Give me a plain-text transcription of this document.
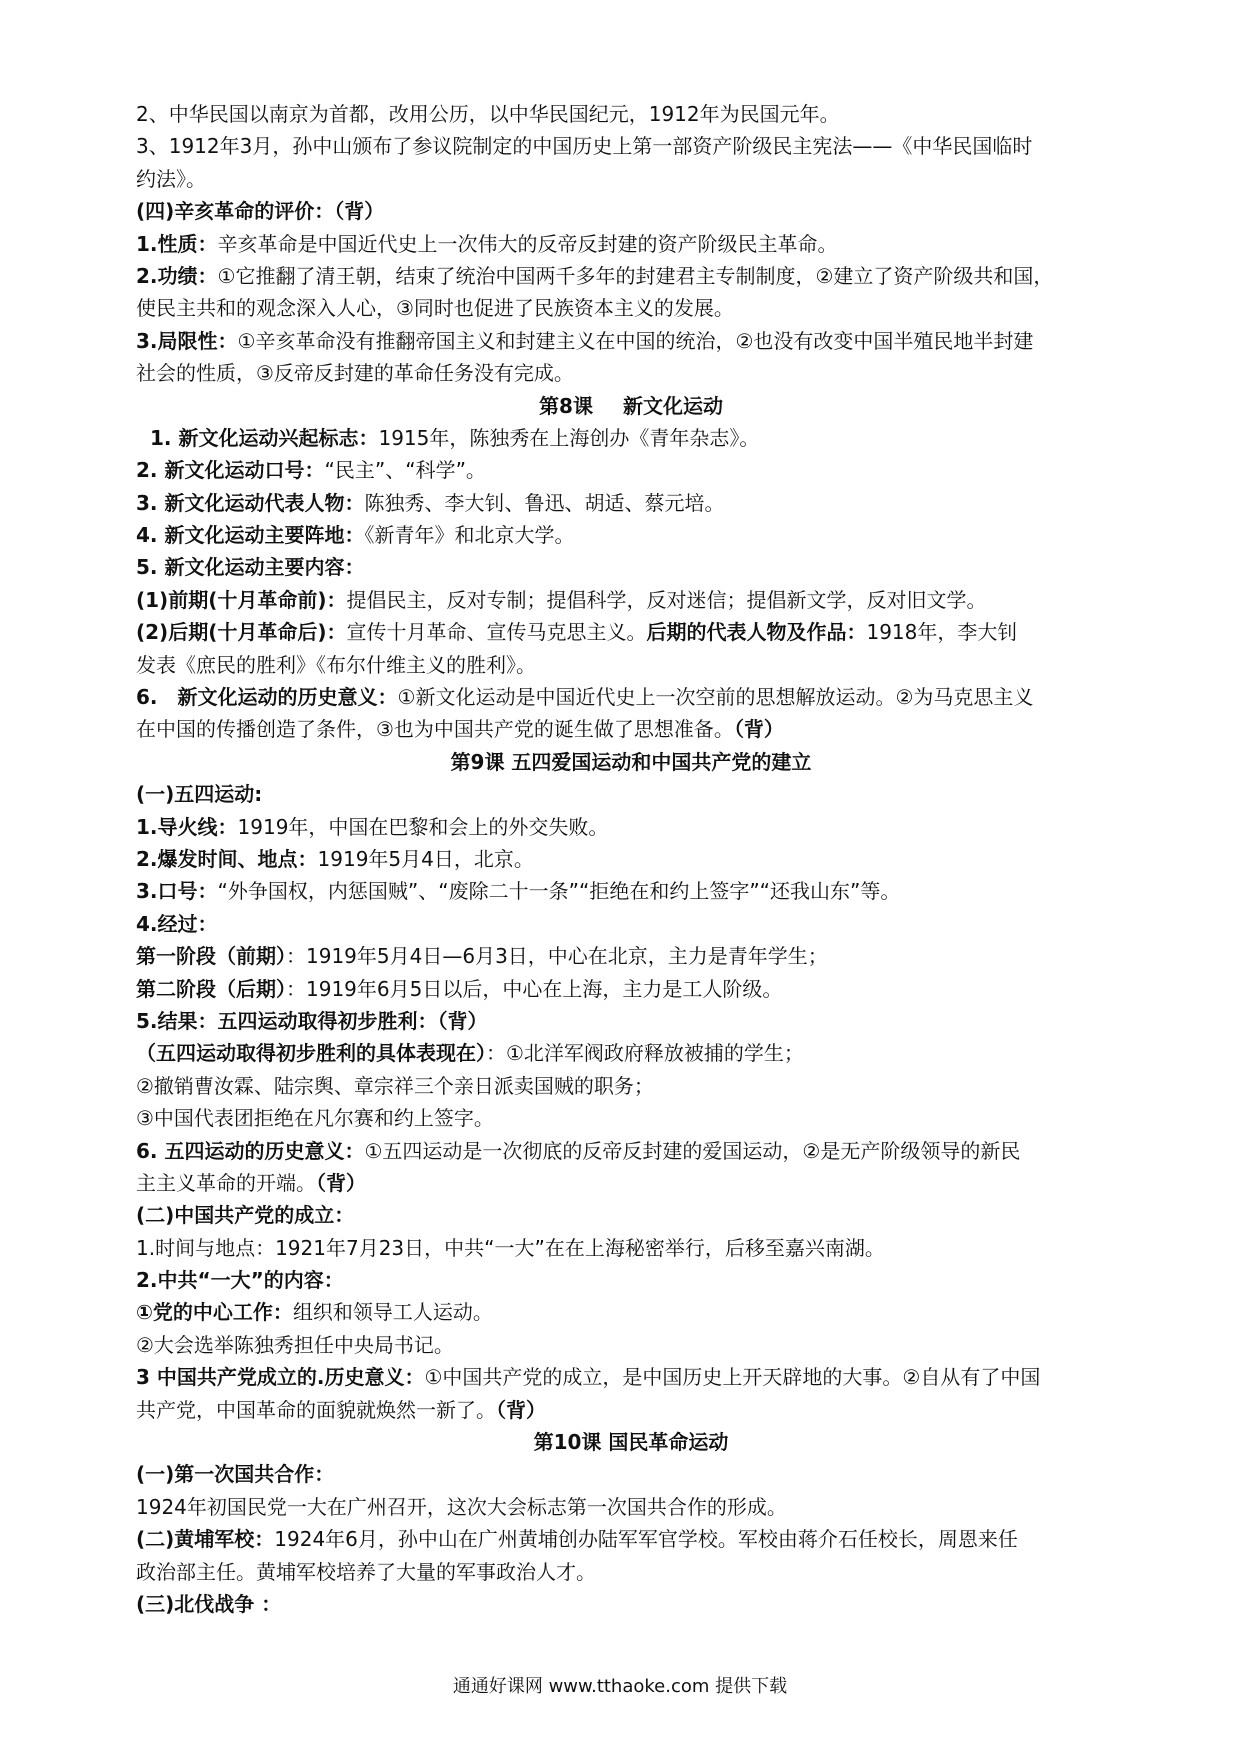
2、中华民国以南京为首都，改用公历，以中华民国纪元，1912年为民国元年。
3、1912年3月，孙中山颁布了参议院制定的中国历史上第一部资产阶级民主宪法——《中华民国临时
约法》。
(四)辛亥革命的评价：（背）
1.性质：辛亥革命是中国近代史上一次伟大的反帝反封建的资产阶级民主革命。
2.功绩：①它推翻了清王朝，结束了统治中国两千多年的封建君主专制制度，②建立了资产阶级共和国，
使民主共和的观念深入人心，③同时也促进了民族资本主义的发展。
3.局限性：①辛亥革命没有推翻帝国主义和封建主义在中国的统治，②也没有改变中国半殖民地半封建
社会的性质，③反帝反封建的革命任务没有完成。
第8课 新文化运动
1. 新文化运动兴起标志：1915年，陈独秀在上海创办《青年杂志》。
2. 新文化运动口号：“民主”、“科学”。
3. 新文化运动代表人物：陈独秀、李大钊、鲁迅、胡适、蔡元培。
4. 新文化运动主要阵地：《新青年》和北京大学。
5. 新文化运动主要内容：
(1)前期(十月革命前)：提倡民主，反对专制；提倡科学，反对迷信；提倡新文学，反对旧文学。
(2)后期(十月革命后)：宣传十月革命、宣传马克思主义。后期的代表人物及作品：1918年，李大钊
发表《庶民的胜利》《布尔什维主义的胜利》。
6.　新文化运动的历史意义：①新文化运动是中国近代史上一次空前的思想解放运动。②为马克思主义
在中国的传播创造了条件，③也为中国共产党的诞生做了思想准备。（背）
第9课 五四爱国运动和中国共产党的建立
(一)五四运动:
1.导火线：1919年，中国在巴黎和会上的外交失败。
2.爆发时间、地点：1919年5月4日，北京。
3.口号：“外争国权，内惩国贼”、“废除二十一条”“拒绝在和约上签字”“还我山东”等。
4.经过：
第一阶段（前期）：1919年5月4日—6月3日，中心在北京，主力是青年学生；
第二阶段（后期）：1919年6月5日以后，中心在上海，主力是工人阶级。
5.结果：五四运动取得初步胜利：（背）
（五四运动取得初步胜利的具体表现在）：①北洋军阀政府释放被捕的学生；
②撤销曹汝霖、陆宗舆、章宗祥三个亲日派卖国贼的职务；
③中国代表团拒绝在凡尔赛和约上签字。
6. 五四运动的历史意义：①五四运动是一次彻底的反帝反封建的爱国运动，②是无产阶级领导的新民
主主义革命的开端。（背）
(二)中国共产党的成立：
1.时间与地点：1921年7月23日，中共“一大”在在上海秘密举行，后移至嘉兴南湖。
2.中共“一大”的内容：
①党的中心工作：组织和领导工人运动。
②大会选举陈独秀担任中央局书记。
3 中国共产党成立的.历史意义：①中国共产党的成立，是中国历史上开天辟地的大事。②自从有了中国
共产党，中国革命的面貌就焕然一新了。（背）
第10课 国民革命运动
(一)第一次国共合作：
1924年初国民党一大在广州召开，这次大会标志第一次国共合作的形成。
(二)黄埔军校：1924年6月，孙中山在广州黄埔创办陆军军官学校。军校由蒋介石任校长，周恩来任
政治部主任。黄埔军校培养了大量的军事政治人才。
(三)北伐战争 ：
通通好课网 www.tthaoke.com 提供下载
